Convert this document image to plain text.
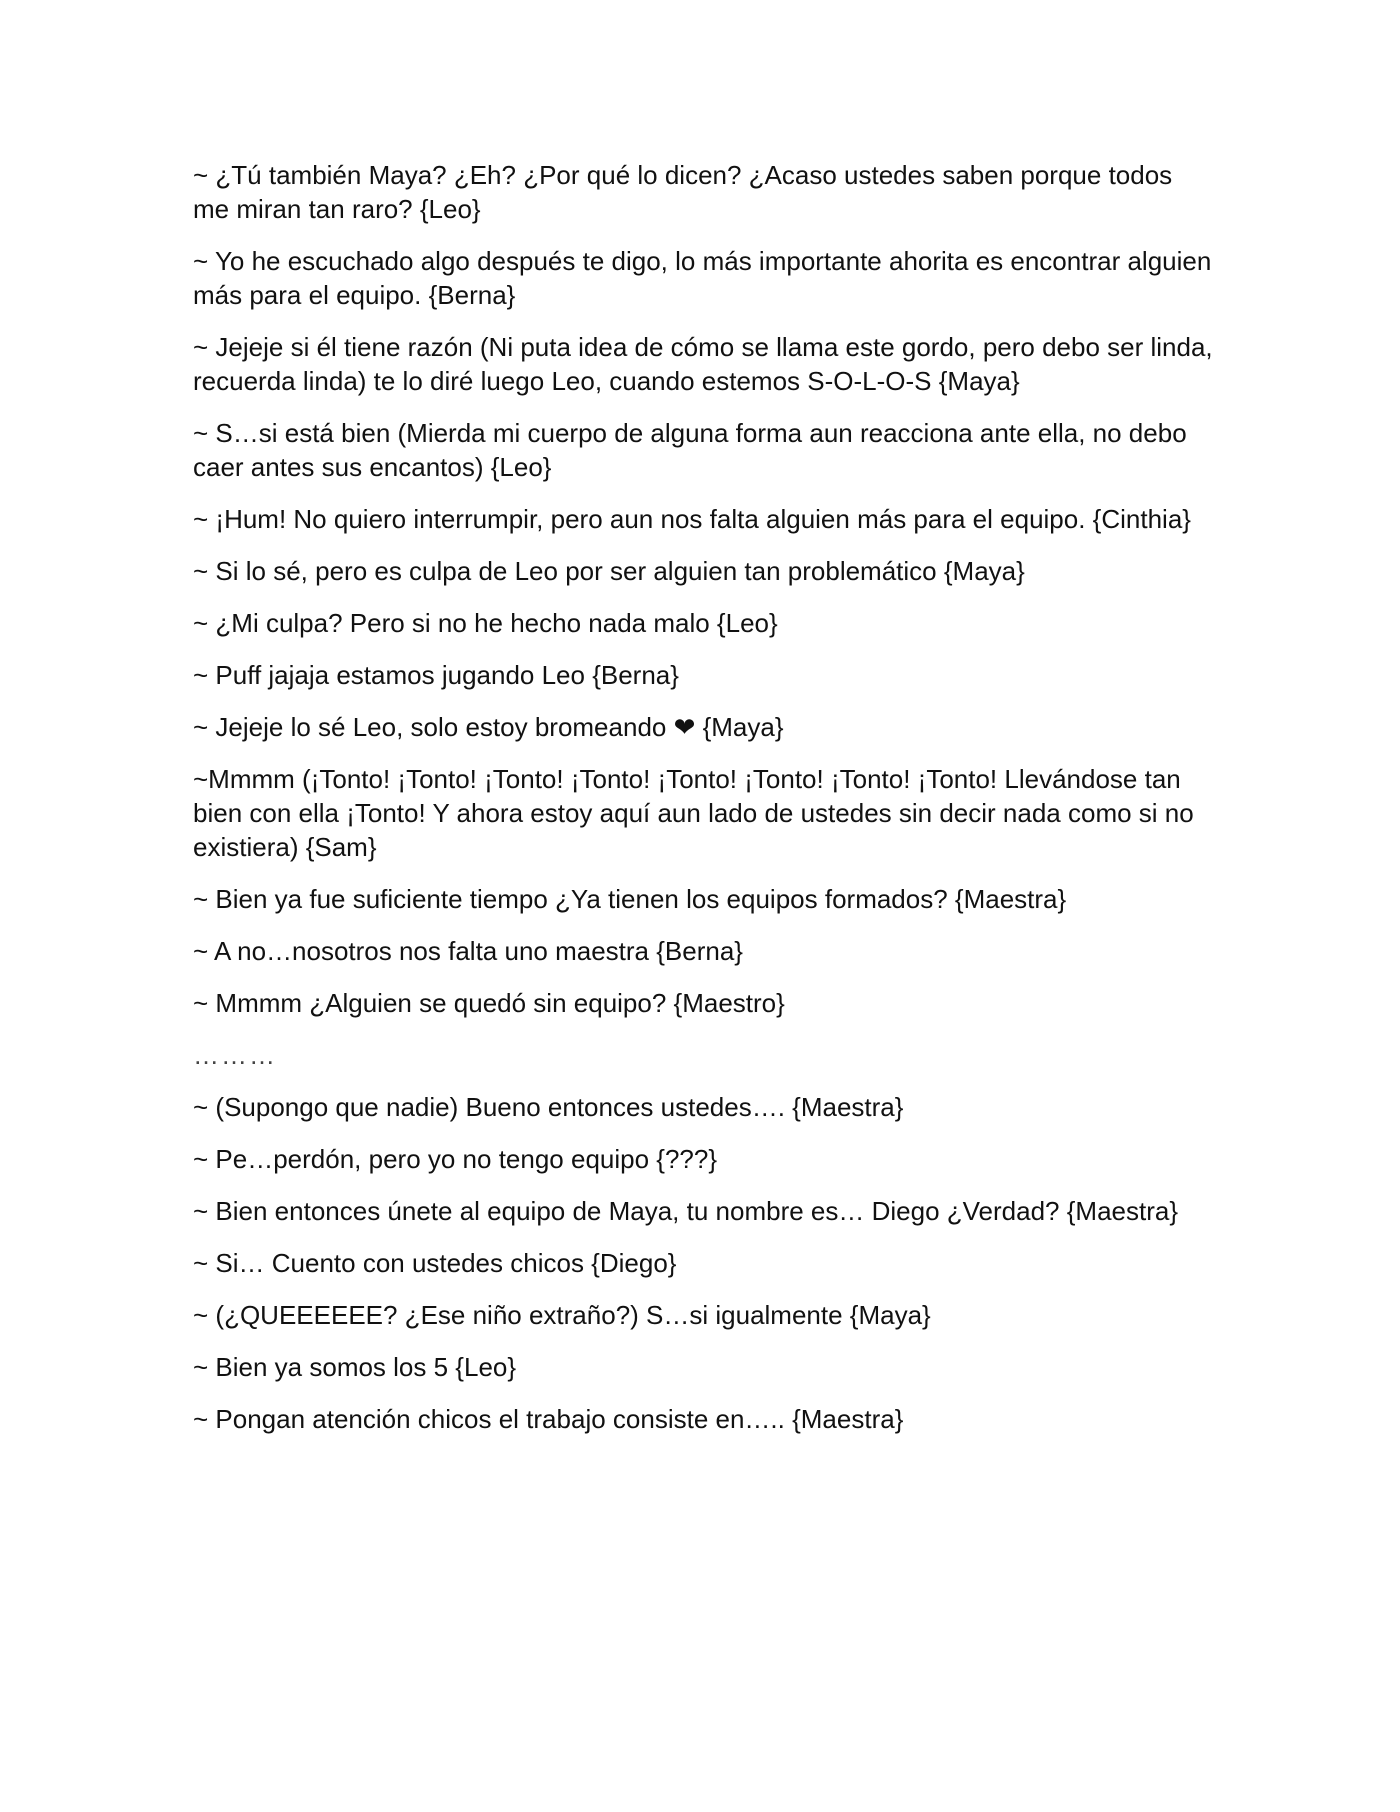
~ ¿Tú también Maya? ¿Eh? ¿Por qué lo dicen? ¿Acaso ustedes saben porque todos me miran tan raro? {Leo}

~ Yo he escuchado algo después te digo, lo más importante ahorita es encontrar alguien más para el equipo. {Berna}

~ Jejeje si él tiene razón (Ni puta idea de cómo se llama este gordo, pero debo ser linda, recuerda linda) te lo diré luego Leo, cuando estemos S-O-L-O-S {Maya}

~ S…si está bien (Mierda mi cuerpo de alguna forma aun reacciona ante ella, no debo caer antes sus encantos) {Leo}

~ ¡Hum! No quiero interrumpir, pero aun nos falta alguien más para el equipo. {Cinthia}

~ Si lo sé, pero es culpa de Leo por ser alguien tan problemático {Maya}

~ ¿Mi culpa? Pero si no he hecho nada malo {Leo}

~ Puff jajaja estamos jugando Leo {Berna}

~ Jejeje lo sé Leo, solo estoy bromeando ❤ {Maya}

~Mmmm (¡Tonto! ¡Tonto! ¡Tonto! ¡Tonto! ¡Tonto! ¡Tonto! ¡Tonto! ¡Tonto! Llevándose tan bien con ella ¡Tonto! Y ahora estoy aquí aun lado de ustedes sin decir nada como si no existiera) {Sam}

~ Bien ya fue suficiente tiempo ¿Ya tienen los equipos formados? {Maestra}

~ A no…nosotros nos falta uno maestra {Berna}

~ Mmmm ¿Alguien se quedó sin equipo? {Maestro}

………

~ (Supongo que nadie) Bueno entonces ustedes…. {Maestra}

~ Pe…perdón, pero yo no tengo equipo {???}

~ Bien entonces únete al equipo de Maya, tu nombre es… Diego ¿Verdad? {Maestra}

~ Si… Cuento con ustedes chicos {Diego}

~ (¿QUEEEEEE? ¿Ese niño extraño?) S…si igualmente {Maya}

~ Bien ya somos los 5 {Leo}

~ Pongan atención chicos el trabajo consiste en….. {Maestra}
